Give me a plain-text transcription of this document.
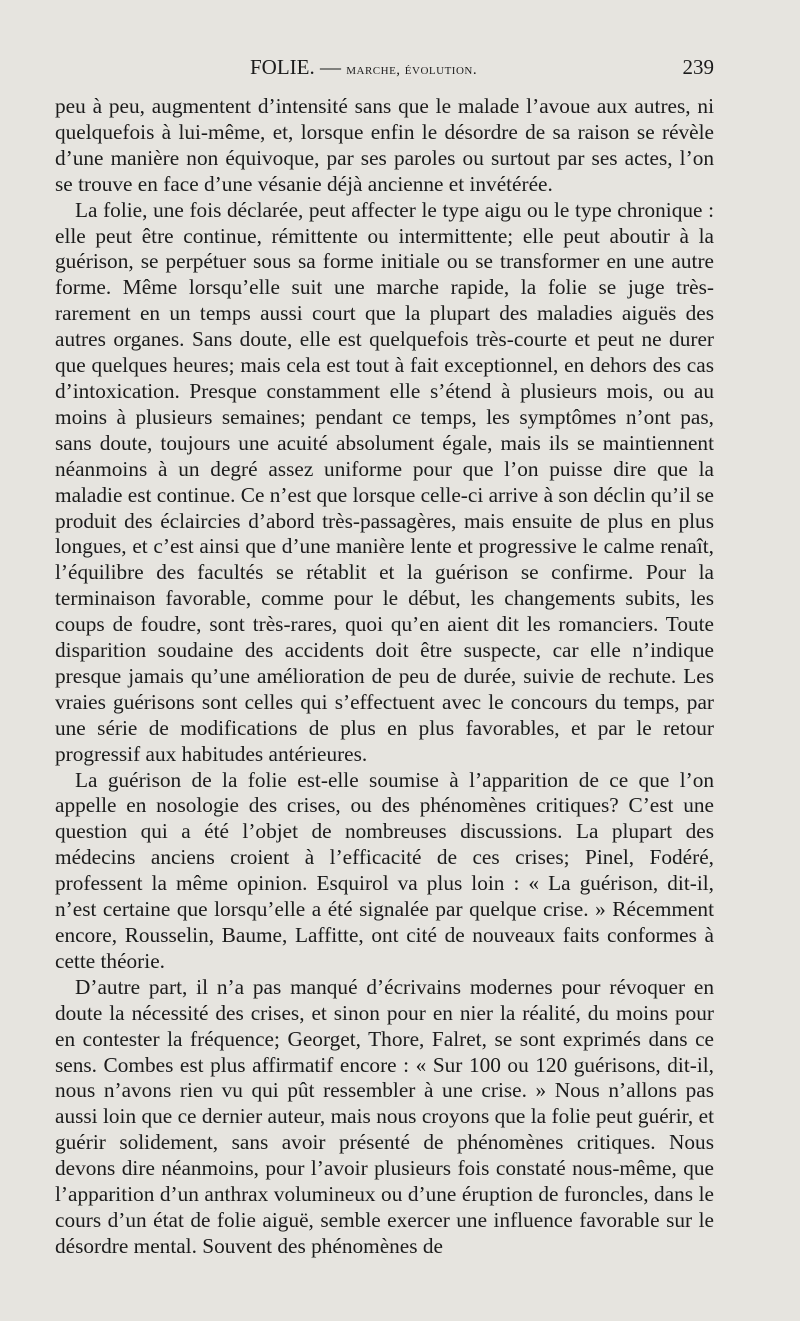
FOLIE. — marche, évolution.	239

peu à peu, augmentent d’intensité sans que le malade l’avoue aux autres, ni quelquefois à lui-même, et, lorsque enfin le désordre de sa raison se révèle d’une manière non équivoque, par ses paroles ou surtout par ses actes, l’on se trouve en face d’une vésanie déjà ancienne et invétérée.

La folie, une fois déclarée, peut affecter le type aigu ou le type chronique : elle peut être continue, rémittente ou intermittente; elle peut aboutir à la guérison, se perpétuer sous sa forme initiale ou se transformer en une autre forme. Même lorsqu’elle suit une marche rapide, la folie se juge très-rarement en un temps aussi court que la plupart des maladies aiguës des autres organes. Sans doute, elle est quelquefois très-courte et peut ne durer que quelques heures; mais cela est tout à fait exceptionnel, en dehors des cas d’intoxication. Presque constamment elle s’étend à plusieurs mois, ou au moins à plusieurs semaines; pendant ce temps, les symptômes n’ont pas, sans doute, toujours une acuité absolument égale, mais ils se maintiennent néanmoins à un degré assez uniforme pour que l’on puisse dire que la maladie est continue. Ce n’est que lorsque celle-ci arrive à son déclin qu’il se produit des éclaircies d’abord très-passagères, mais ensuite de plus en plus longues, et c’est ainsi que d’une manière lente et progressive le calme renaît, l’équilibre des facultés se rétablit et la guérison se confirme. Pour la terminaison favorable, comme pour le début, les changements subits, les coups de foudre, sont très-rares, quoi qu’en aient dit les romanciers. Toute disparition soudaine des accidents doit être suspecte, car elle n’indique presque jamais qu’une amélioration de peu de durée, suivie de rechute. Les vraies guérisons sont celles qui s’effectuent avec le concours du temps, par une série de modifications de plus en plus favorables, et par le retour progressif aux habitudes antérieures.

La guérison de la folie est-elle soumise à l’apparition de ce que l’on appelle en nosologie des crises, ou des phénomènes critiques? C’est une question qui a été l’objet de nombreuses discussions. La plupart des médecins anciens croient à l’efficacité de ces crises; Pinel, Fodéré, professent la même opinion. Esquirol va plus loin : « La guérison, dit-il, n’est certaine que lorsqu’elle a été signalée par quelque crise. » Récemment encore, Rousselin, Baume, Laffitte, ont cité de nouveaux faits conformes à cette théorie.

D’autre part, il n’a pas manqué d’écrivains modernes pour révoquer en doute la nécessité des crises, et sinon pour en nier la réalité, du moins pour en contester la fréquence; Georget, Thore, Falret, se sont exprimés dans ce sens. Combes est plus affirmatif encore : « Sur 100 ou 120 guérisons, dit-il, nous n’avons rien vu qui pût ressembler à une crise. » Nous n’allons pas aussi loin que ce dernier auteur, mais nous croyons que la folie peut guérir, et guérir solidement, sans avoir présenté de phénomènes critiques. Nous devons dire néanmoins, pour l’avoir plusieurs fois constaté nous-même, que l’apparition d’un anthrax volumineux ou d’une éruption de furoncles, dans le cours d’un état de folie aiguë, semble exercer une influence favorable sur le désordre mental. Souvent des phénomènes de
